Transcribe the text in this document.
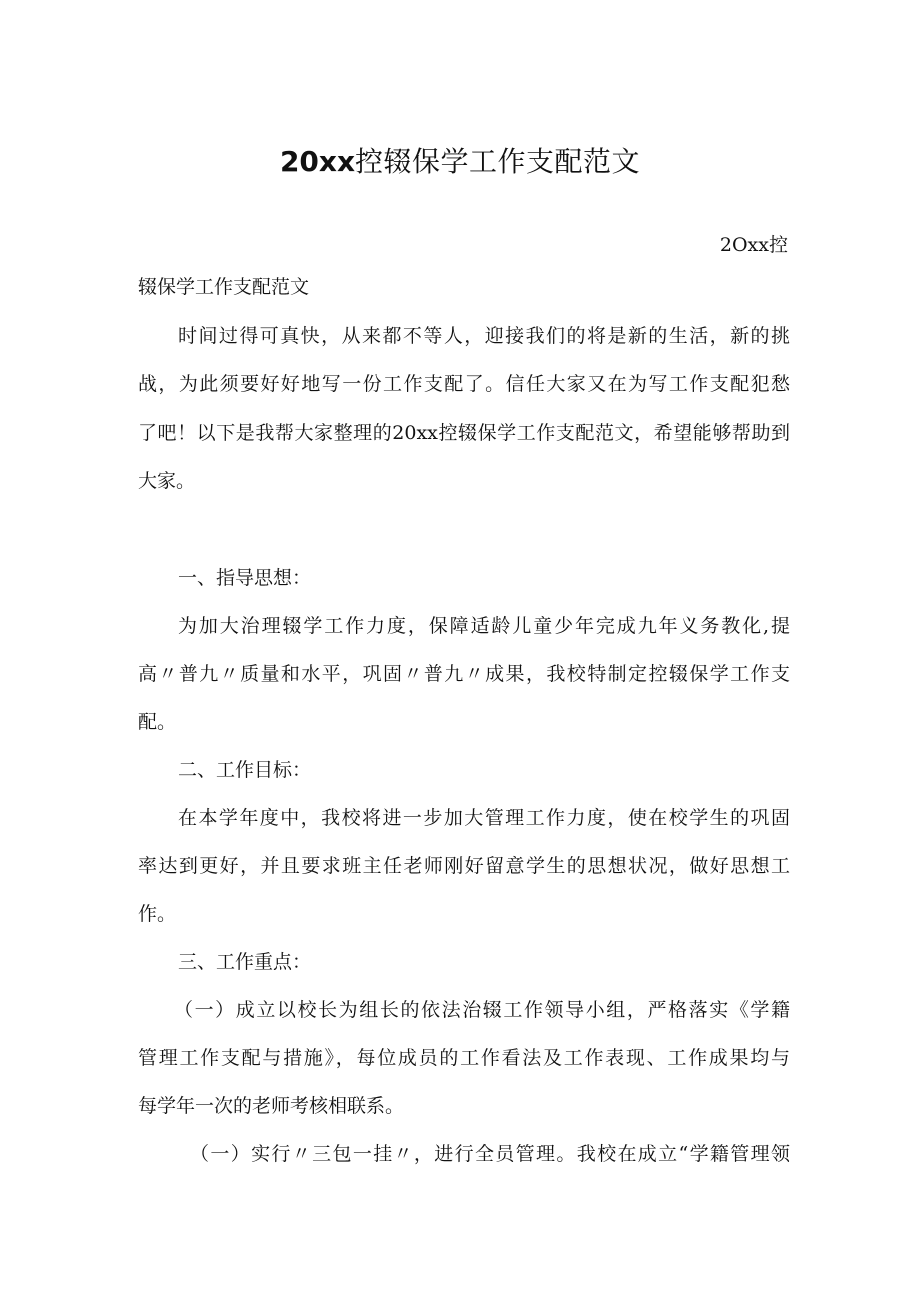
20xx控辍保学工作支配范文
2Oxx控
辍保学工作支配范文
时间过得可真快，从来都不等人，迎接我们的将是新的生活，新的挑
战，为此须要好好地写一份工作支配了。信任大家又在为写工作支配犯愁
了吧！以下是我帮大家整理的20xx控辍保学工作支配范文，希望能够帮助到
大家。
一、指导思想：
为加大治理辍学工作力度，保障适龄儿童少年完成九年义务教化,提
高〃普九〃质量和水平，巩固〃普九〃成果，我校特制定控辍保学工作支
配。
二、工作目标：
在本学年度中，我校将进一步加大管理工作力度，使在校学生的巩固
率达到更好，并且要求班主任老师刚好留意学生的思想状况，做好思想工
作。
三、工作重点：
（一）成立以校长为组长的依法治辍工作领导小组，严格落实《学籍
管理工作支配与措施》，每位成员的工作看法及工作表现、工作成果均与
每学年一次的老师考核相联系。
（一）实行〃三包一挂〃，进行全员管理。我校在成立“学籍管理领
